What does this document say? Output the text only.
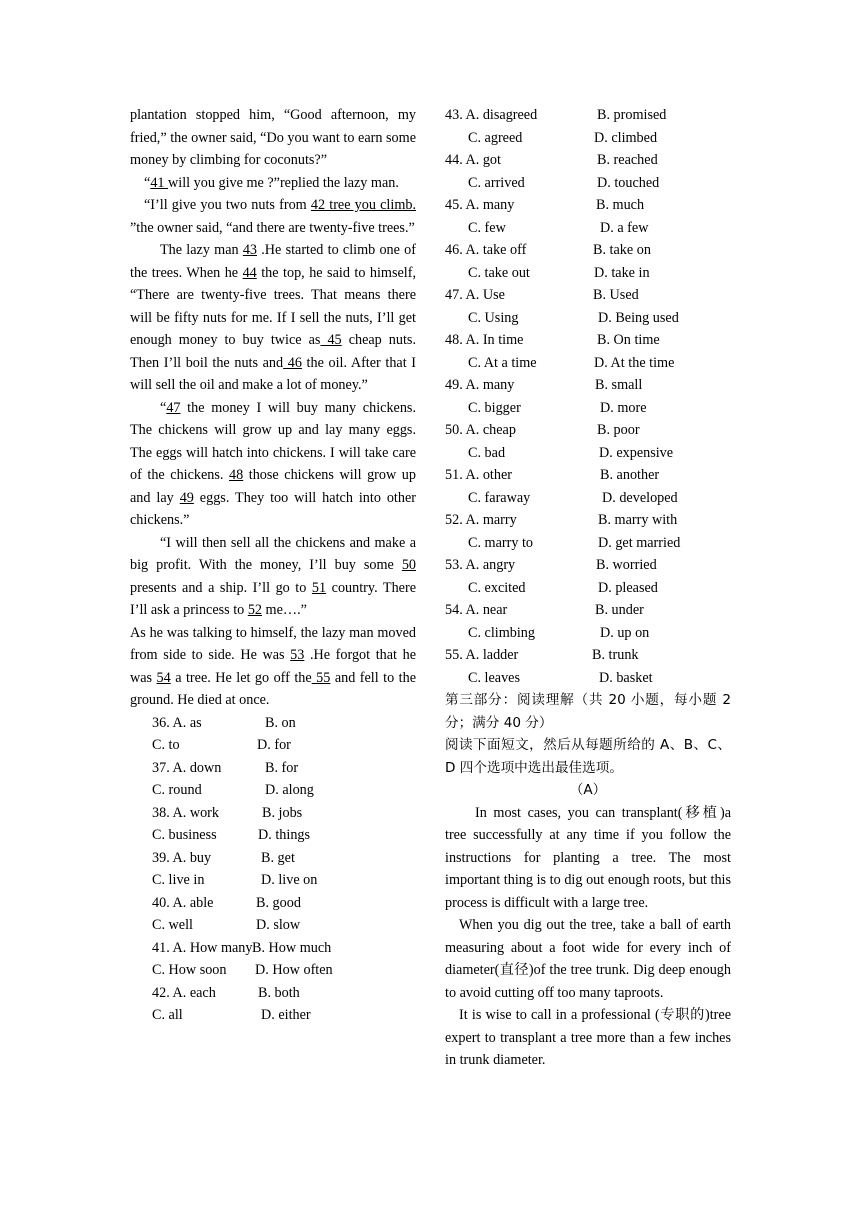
plantation stopped him, “Good afternoon, my fried,” the owner said, “Do you want to earn some money by climbing for coconuts?”

“41 will you give me ?”replied the lazy man.

“I’ll give you two nuts from 42 tree you climb. ”the owner said, “and there are twenty-five trees.”

The lazy man 43 .He started to climb one of the trees. When he 44 the top, he said to himself, “There are twenty-five trees. That means there will be fifty nuts for me. If I sell the nuts, I’ll get enough money to buy twice as 45 cheap nuts. Then I’ll boil the nuts and 46 the oil. After that I will sell the oil and make a lot of money.”

“47 the money I will buy many chickens. The chickens will grow up and lay many eggs. The eggs will hatch into chickens. I will take care of the chickens. 48 those chickens will grow up and lay 49 eggs. They too will hatch into other chickens.”

“I will then sell all the chickens and make a big profit. With the money, I’ll buy some 50 presents and a ship. I’ll go to 51 country. There I’ll ask a princess to 52 me….”

As he was talking to himself, the lazy man moved from side to side. He was 53 .He forgot that he was 54 a tree. He let go off the 55 and fell to the ground. He died at once.

36. A. as	B. on
C. to	D. for
37. A. down	B. for
C. round	D. along
38. A. work	B. jobs
C. business	D. things
39. A. buy	B. get
C. live in	D. live on
40. A. able	B. good
C. well	D. slow
41. A. How many B. How much
C. How soon D. How often
42. A. each	B. both
C. all	D. either
43. A. disagreed	B. promised
C. agreed	D. climbed
44. A. got	B. reached
C. arrived	D. touched
45. A. many	B. much
C. few	D. a few
46. A. take off	B. take on
C. take out	D. take in
47. A. Use	B. Used
C. Using	D. Being used
48. A. In time	B. On time
C. At a time	D. At the time
49. A. many	B. small
C. bigger	D. more
50. A. cheap	B. poor
C. bad	D. expensive
51. A. other	B. another
C. faraway	D. developed
52. A. marry	B. marry with
C. marry to	D. get married
53. A. angry	B. worried
C. excited	D. pleased
54. A. near	B. under
C. climbing	D. up on
55. A. ladder	B. trunk
C. leaves	D. basket

第三部分：阅读理解（共 20 小题，每小题 2 分；满分 40 分）

阅读下面短文，然后从每题所给的 A、B、C、D 四个选项中选出最佳选项。

（A）

In most cases, you can transplant(移植)a tree successfully at any time if you follow the instructions for planting a tree. The most important thing is to dig out enough roots, but this process is difficult with a large tree.

When you dig out the tree, take a ball of earth measuring about a foot wide for every inch of diameter(直径)of the tree trunk. Dig deep enough to avoid cutting off too many taproots.

It is wise to call in a professional (专职的)tree expert to transplant a tree more than a few inches in trunk diameter.
